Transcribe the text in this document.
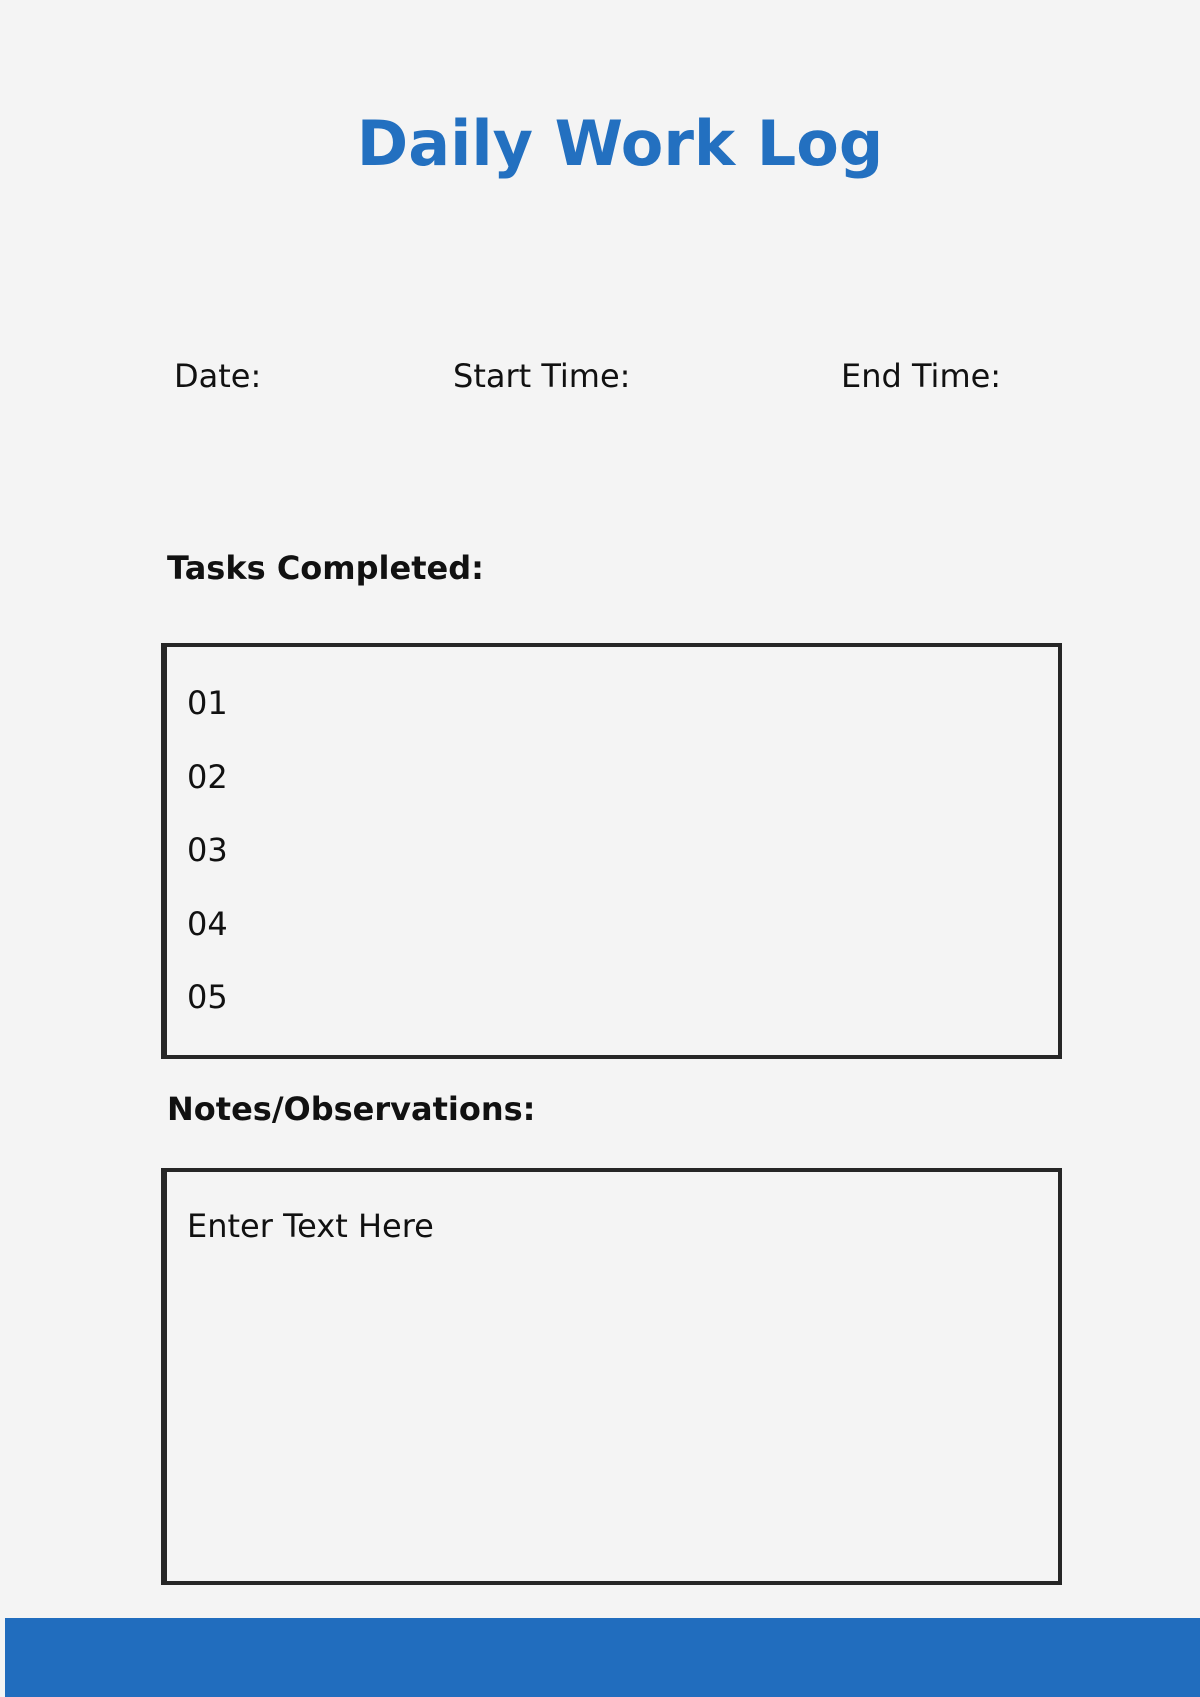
Daily Work Log
Date:	Start Time:	End Time:
Tasks Completed:
01
02
03
04
05
Notes/Observations:
Enter Text Here
